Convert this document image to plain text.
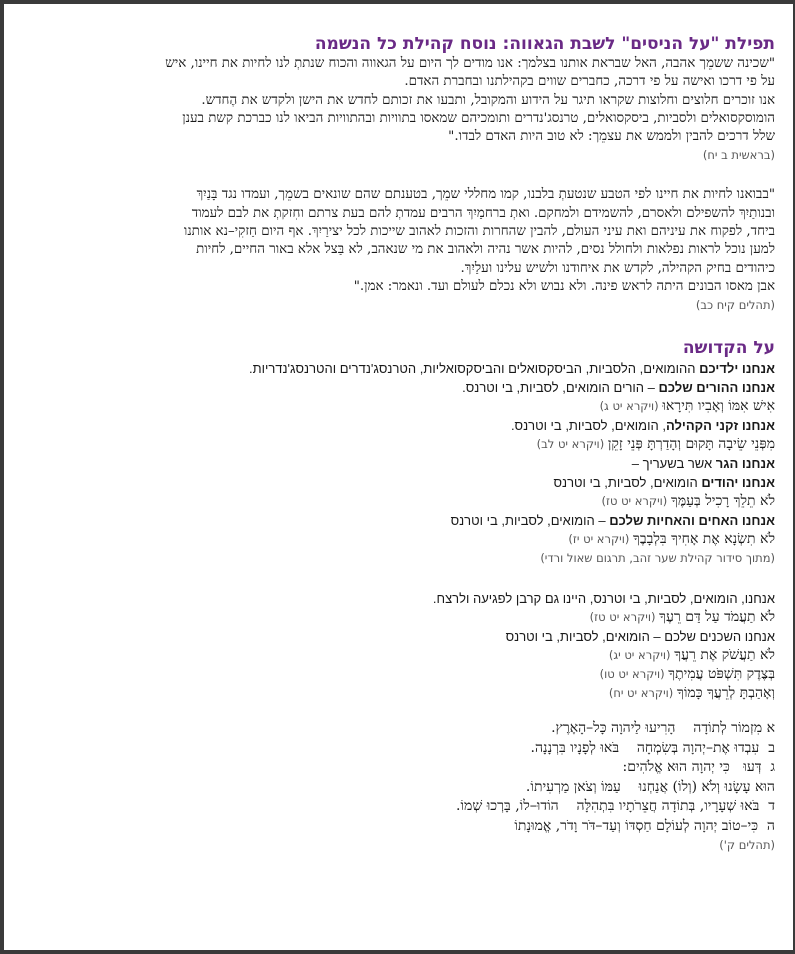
תפילת "על הניסים" לשבת הגאווה: נוסח קהילת כל הנשמה

"שכינה ששמֵך אהבה, האל שבראת אותנו בצלמך: אנו מודים לך היום על הגאווה והכוח שנתתְ לנו לחיות את חיינו, איש

על פי דרכו ואישה על פי דרכה, כחברים שווים בקהילתנו ובחברת האדם.

אנו זוכרים חלוצים וחלוצות שקראו תיגר על הידוע והמקובל, ותבעו את זכותם לחדש את הישן ולקדש את הֶחדש.

הומוסקסואלים ולסביות, ביסקסואלים, טרנסג'נדרים ותומכיהם שמאסו בתוויות ובהתוויות הביאו לנו כברכת קשת בענן

שלל דרכים להבין ולממש את עצמֵך: לא טוב היות האדם לבדו."

(בראשית ב יח)

"בבואנו לחיות את חיינו לפי הטבע שנטעתְ בלבנו, קמו מחללי שמֵך, בטענתם שהם שונאים בשמֵך, ועמדו נגד בָּנַיִךְ

ובנותַיִךְ להשפילם ולאסרם, להשמידם ולמחקם. ואתְ ברחמַיִךְ הרבים עמדתְ להם בעת צרתם וחִזקתְ את לבם לעמוד

ביחד, לפקוח את עיניהם ואת עיני העולם, להבין שהחרות והזכות לאהוב שייכות לכל יצירַיִךְ. אף היום חַזקִי–נא אותנו

למען נוכל לראות נפלאות ולחולל נסים, להיות אשר נהיה ולאהוב את מי שנאהב, לא בַּצל אלא באור החיים, לחיות

כיהודים בחיק הקהילה, לקדש את איחודנו ולשיש עלינו ועלַיִךְ.

אבן מאסו הבונים היתה לראש פינה. ולא נבוש ולא נכלם לעולם ועד. ונאמר: אמן."

(תהלים קיח כב)

על הקדושה
אנחנו ילדיכם ההומואים, הלסביות, הביסקסואלים והביסקסואליות, הטרנסג'נדרים והטרנסג'נדריות.
אנחנו ההורים שלכם – הורים הומואים, לסביות, בי וטרנס.
אִישׁ אִמּוֹ וְאָבִיו תִּירָאוּ (ויקרא יט ג)
אנחנו זקני הקהילה, הומואים, לסביות, בי וטרנס.
מִפְּנֵי שֵׂיבָה תָּקוּם וְהָדַרְתָּ פְּנֵי זָקֵן (ויקרא יט לב)
אנחנו הגר אשר בשעריך –
אנחנו יהודים הומואים, לסביות, בי וטרנס
לֹא תֵלֵךְ רָכִיל בְּעַמֶּךָ (ויקרא יט טז)
אנחנו האחים והאחיות שלכם – הומואים, לסביות, בי וטרנס
לֹא תִשְׂנָא אֶת אָחִיךָ בִּלְבָבֶךָ (ויקרא יט יז)

(מתוך סידור קהילת שער זהב, תרגום שאול ורדי)

אנחנו, הומואים, לסביות, בי וטרנס, היינו גם קרבן לפגיעה ולרצח.
לֹא תַעֲמֹד עַל דַּם רֵעֶךָ (ויקרא יט טז)
אנחנו השכנים שלכם – הומואים, לסביות, בי וטרנס
לֹא תַעֲשֹׁק אֶת רֵעֲךָ (ויקרא יט יג)
בְּצֶדֶק תִּשְׁפֹּט עֲמִיתֶךָ (ויקרא יט טו)
וְאָהַבְתָּ לְרֵעֲךָ כָּמוֹךָ (ויקרא יט יח)
א מִזְמוֹר לְתוֹדָה    הָרִיעוּ לַיהוָה כָּל–הָאָרֶץ.
ב  עִבְדוּ אֶת–יְהוָה בְּשִׂמְחָה    בֹּאוּ לְפָנָיו בִּרְנָנָה.
ג  דְּעוּ   כִּי יְהוָה הוּא אֱלֹהִים:
הוּא עָשָׂנוּ וְלֹא (וְלוֹ) אֲנַחְנוּ    עַמּוֹ וְצֹאן מַרְעִיתוֹ.
ד  בֹּאוּ שְׁעָרָיו, בְּתוֹדָה חֲצֵרֹתָיו בִּתְהִלָּה    הוֹדוּ–לוֹ, בָּרְכוּ שְׁמוֹ.
ה  כִּי–טוֹב יְהוָה לְעוֹלָם חַסְדּוֹ וְעַד–דֹּר וָדֹר, אֱמוּנָתוֹ

(תהלים ק')
